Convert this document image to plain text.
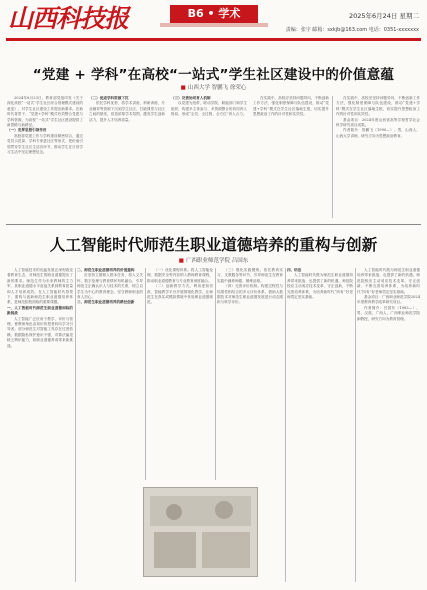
山西科技报	B6 • 学术	2025年6月24日 星期二
责编：张宇 邮箱：sxkjb@163.com 电话：0351-xxxxxxx
“党建 + 学科”在高校“一站式”学生社区建设中的价值意蕴
■ 山西大学 智鹏飞 徐荣心

2024年8月23日，教育部党组印发《关于深化高校“一站式”学生社区综合管理模式建设的意见》，对学生社区建设工作提出新要求。在新时代背景下，“党建+学科”模式有效整合党建与学科资源，为高校“一站式”学生社区建设提供了新思路与新路径。

（一）发挥思想引领作用

高校将党建工作与学科建设紧密结合，通过党员示范岗、学科专家进社区等形式，把价值引领贯穿学生社区生活各环节，推动学生在日常学习生活中坚定理想信念。

（二）促进学科资源下沉

依托学科优势，将学术讲座、科研训练、专业辅导等资源下沉到学生社区，打破课堂与社区之间的壁垒，营造浓厚学术氛围，激发学生创新活力，提升人才培养质量。

（三）完善协同育人机制

以党建为纽带，联动学院、职能部门和学生组织，构建多主体参与、多资源整合的协同育人格局，形成“全员、全过程、全方位”育人合力。

在实践中，高校应坚持问题导向，不断创新工作方法，强化制度保障与队伍建设，推动“党建+学科”模式在学生社区落地生根，切实提升思想政治工作的针对性和实效性。

在实践中，高校应坚持问题导向，不断创新工作方法，强化制度保障与队伍建设，推动“党建+学科”模式在学生社区落地生根，切实提升思想政治工作的针对性和实效性。

基金项目：2024年度山西省高等学校哲学社会科学研究项目成果。

作者简介：智鹏飞（1990—），男，山西人，山西大学讲师，研究方向为思想政治教育。

人工智能时代师范生职业道德培养的重构与创新
■ 广西职业师范学院 吕国东

人工智能技术的迅猛发展正深刻改变着教育生态，对师范生的职业道德提出了新的要求。师范生作为未来教师的主力军，其职业道德水平直接关系到教育质量和人才培养成效。在人工智能时代背景下，重构与创新师范生职业道德培养体系，是师范院校面临的重要课题。

一、人工智能时代师范生职业道德面临的新挑战

人工智能广泛应用于教学、评价与管理，使教师角色由知识传授者转向学习引导者。部分师范生对智能工具存在过度依赖，数据隐私保护意识不强，对算法偏见缺乏辨识能力，给职业道德养成带来新挑战。

二、师范生职业道德培养的价值重构

应坚持立德树人根本任务，将人文关怀、数字伦理与教育情怀有机融合，引导师范生正确认识人与技术的关系，树立以学生为中心的教育理念，坚守教师职业的育人初心。

三、师范生职业道德培养的路径创新

（一）优化课程体系。将人工智能伦理、数据安全等内容纳入教师教育课程，推动职业道德教育与专业教育深度融合。

（二）创新教学方式。利用虚拟仿真、智能教学平台开展情境化教学，让师范生在真实或模拟情境中体验职业道德规范。

（三）强化实践锻炼。依托教育实习、支教服务等环节，引导师范生在教育实践中涵养师德、锤炼品格。

（四）完善评价机制。构建过程性与结果性相结合的多元评价体系，借助大数据技术对师范生职业道德发展进行动态跟踪与科学评价。

四、结语

人工智能时代既为师范生职业道德培养带来挑战，也提供了新的机遇。师范院校应主动适应技术变革，守正创新，不断完善培养体系，为培养新时代“四有”好老师奠定坚实基础。

人工智能时代既为师范生职业道德培养带来挑战，也提供了新的机遇。师范院校应主动适应技术变革，守正创新，不断完善培养体系，为培养新时代“四有”好老师奠定坚实基础。

基金项目：广西职业师范学院2024年度教育教学改革研究项目。

作者简介：吕国东（1983—），男，汉族，广西人，广西职业师范学院副教授，研究方向为教育管理。
